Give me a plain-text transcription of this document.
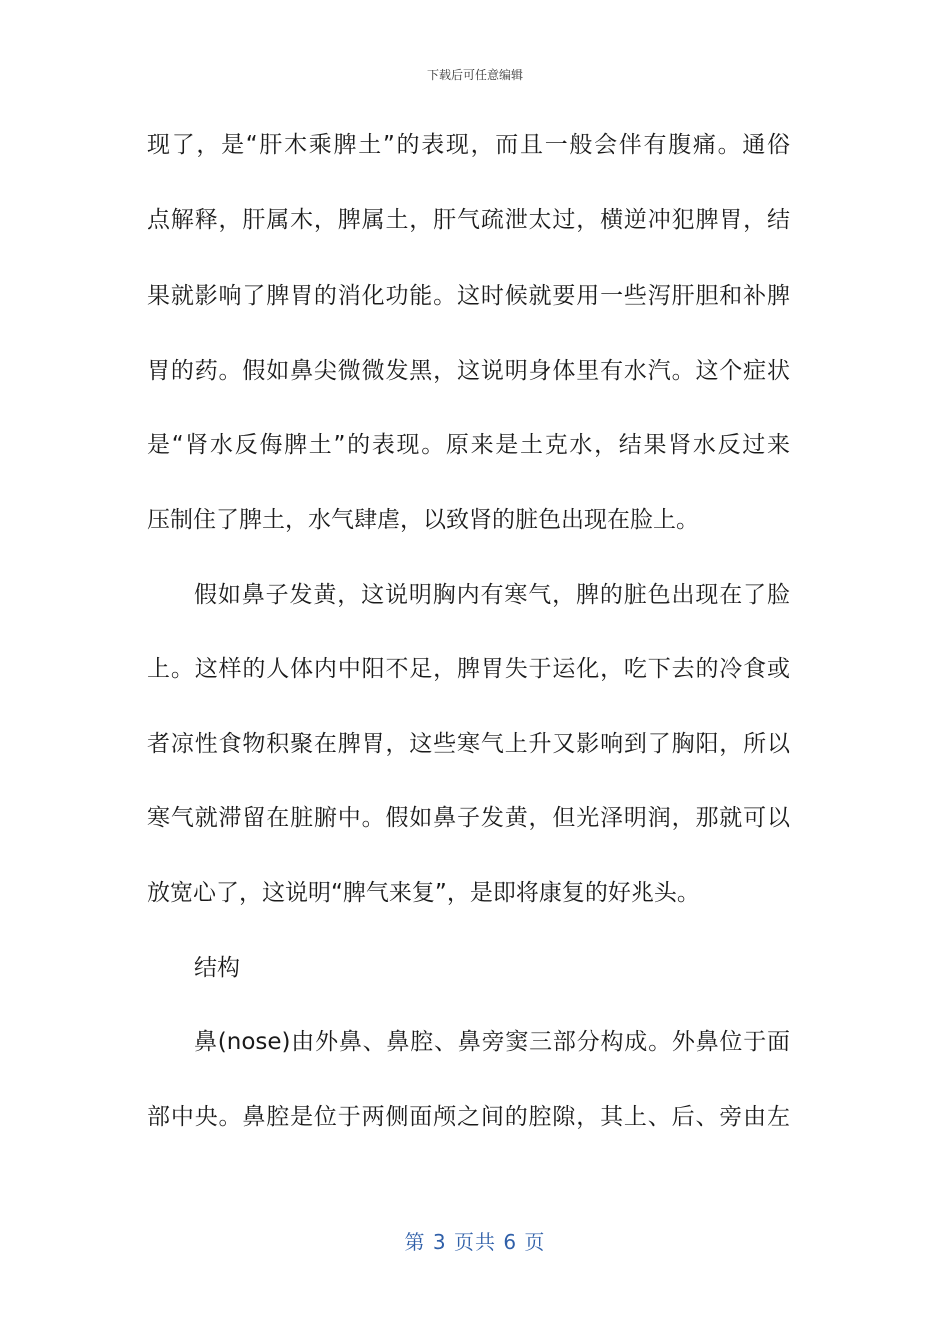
下载后可任意编辑
现了，是“肝木乘脾土”的表现，而且一般会伴有腹痛。通俗
点解释，肝属木，脾属土，肝气疏泄太过，横逆冲犯脾胃，结
果就影响了脾胃的消化功能。这时候就要用一些泻肝胆和补脾
胃的药。假如鼻尖微微发黑，这说明身体里有水汽。这个症状
是“肾水反侮脾土”的表现。原来是土克水，结果肾水反过来
压制住了脾土，水气肆虐，以致肾的脏色出现在脸上。
假如鼻子发黄，这说明胸内有寒气，脾的脏色出现在了脸
上。这样的人体内中阳不足，脾胃失于运化，吃下去的冷食或
者凉性食物积聚在脾胃，这些寒气上升又影响到了胸阳，所以
寒气就滞留在脏腑中。假如鼻子发黄，但光泽明润，那就可以
放宽心了，这说明“脾气来复”，是即将康复的好兆头。
结构
鼻(nose)由外鼻、鼻腔、鼻旁窦三部分构成。外鼻位于面
部中央。鼻腔是位于两侧面颅之间的腔隙，其上、后、旁由左
第 3 页共 6 页
